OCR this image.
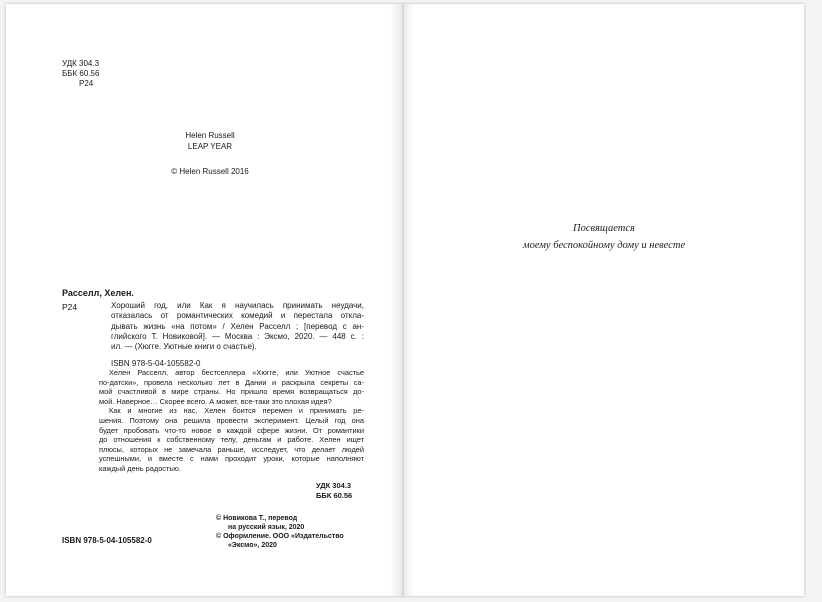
УДК 304.3
ББК 60.56
Р24
Helen Russell
LEAP YEAR
© Helen Russell 2016
Расселл, Хелен.
Р24	Хороший год, или Как я научилась принимать неудачи,
отказалась от романтических комедий и перестала откла-
дывать жизнь «на потом» / Хелен Расселл ; [перевод с ан-
глийского Т. Новиковой]. — Москва : Эксмо, 2020. — 448 с. :
ил. — (Хюгге. Уютные книги о счастье).
ISBN 978-5-04-105582-0
Хелен Расселл, автор бестселлера «Хюгге, или Уютное счастье
по-датски», провела несколько лет в Дании и раскрыла секреты са-
мой счастливой в мире страны. Но пришло время возвращаться до-
мой. Наверное… Скорее всего. А может, все-таки это плохая идея?
Как и многие из нас, Хелен боится перемен и принимать ре-
шения. Поэтому она решила провести эксперимент. Целый год она
будет пробовать что-то новое в каждой сфере жизни. От романтики
до отношения к собственному телу, деньгам и работе. Хелен ищет
плюсы, которых не замечала раньше, исследует, что делает людей
успешными, и вместе с нами проходит уроки, которые наполняют
каждый день радостью.
УДК 304.3
ББК 60.56
© Новикова Т., перевод
на русский язык, 2020
© Оформление. ООО «Издательство
«Эксмо», 2020
ISBN 978-5-04-105582-0
Посвящается
моему беспокойному дому и невесте
